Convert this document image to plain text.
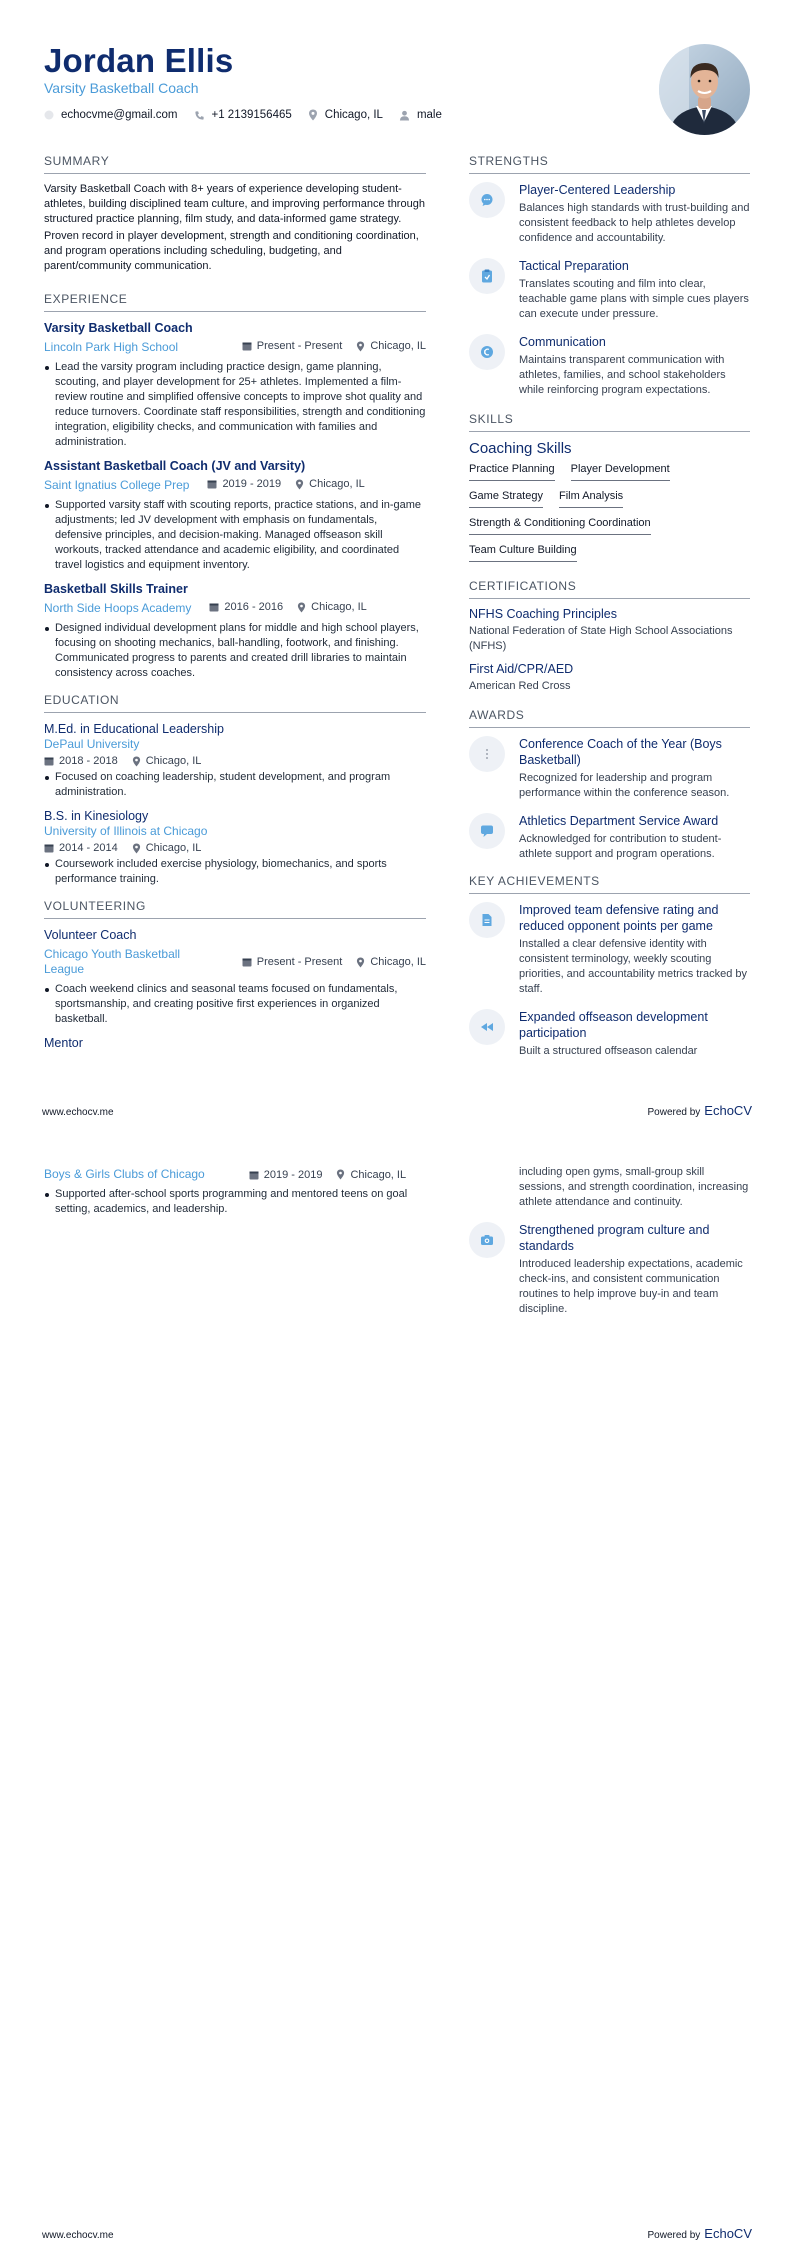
Jordan Ellis
Varsity Basketball Coach
echocvme@gmail.com	+1 2139156465	Chicago, IL	male
SUMMARY

Varsity Basketball Coach with 8+ years of experience developing student-athletes, building disciplined team culture, and improving performance through structured practice planning, film study, and data-informed game strategy.

Proven record in player development, strength and conditioning coordination, and program operations including scheduling, budgeting, and parent/community communication.

EXPERIENCE
Varsity Basketball Coach
Lincoln Park High School	Present - Present	Chicago, IL
Lead the varsity program including practice design, game planning, scouting, and player development for 25+ athletes. Implemented a film-review routine and simplified offensive concepts to improve shot quality and reduce turnovers. Coordinate staff responsibilities, strength and conditioning integration, eligibility checks, and communication with families and administration.
Assistant Basketball Coach (JV and Varsity)
Saint Ignatius College Prep	2019 - 2019	Chicago, IL
Supported varsity staff with scouting reports, practice stations, and in-game adjustments; led JV development with emphasis on fundamentals, defensive principles, and decision-making. Managed offseason skill workouts, tracked attendance and academic eligibility, and coordinated travel logistics and equipment inventory.
Basketball Skills Trainer
North Side Hoops Academy	2016 - 2016	Chicago, IL
Designed individual development plans for middle and high school players, focusing on shooting mechanics, ball-handling, footwork, and finishing. Communicated progress to parents and created drill libraries to maintain consistency across coaches.
EDUCATION
M.Ed. in Educational Leadership
DePaul University
2018 - 2018	Chicago, IL
Focused on coaching leadership, student development, and program administration.
B.S. in Kinesiology
University of Illinois at Chicago
2014 - 2014	Chicago, IL
Coursework included exercise physiology, biomechanics, and sports performance training.
VOLUNTEERING
Volunteer Coach
Chicago Youth Basketball League	Present - Present	Chicago, IL
Coach weekend clinics and seasonal teams focused on fundamentals, sportsmanship, and creating positive first experiences in organized basketball.
Mentor
STRENGTHS
Player-Centered Leadership
Balances high standards with trust-building and consistent feedback to help athletes develop confidence and accountability.
Tactical Preparation
Translates scouting and film into clear, teachable game plans with simple cues players can execute under pressure.
Communication
Maintains transparent communication with athletes, families, and school stakeholders while reinforcing program expectations.
SKILLS
Coaching Skills
Practice Planning Player Development
Game Strategy Film Analysis
Strength & Conditioning Coordination
Team Culture Building
CERTIFICATIONS
NFHS Coaching Principles
National Federation of State High School Associations (NFHS)
First Aid/CPR/AED
American Red Cross
AWARDS
Conference Coach of the Year (Boys Basketball)
Recognized for leadership and program performance within the conference season.
Athletics Department Service Award
Acknowledged for contribution to student-athlete support and program operations.
KEY ACHIEVEMENTS
Improved team defensive rating and reduced opponent points per game
Installed a clear defensive identity with consistent terminology, weekly scouting priorities, and accountability metrics tracked by staff.
Expanded offseason development participation
Built a structured offseason calendar
www.echocv.me	Powered by EchoCV
Boys & Girls Clubs of Chicago	2019 - 2019	Chicago, IL
Supported after-school sports programming and mentored teens on goal setting, academics, and leadership.
including open gyms, small-group skill sessions, and strength coordination, increasing athlete attendance and continuity.
Strengthened program culture and standards
Introduced leadership expectations, academic check-ins, and consistent communication routines to help improve buy-in and team discipline.
www.echocv.me	Powered by EchoCV
